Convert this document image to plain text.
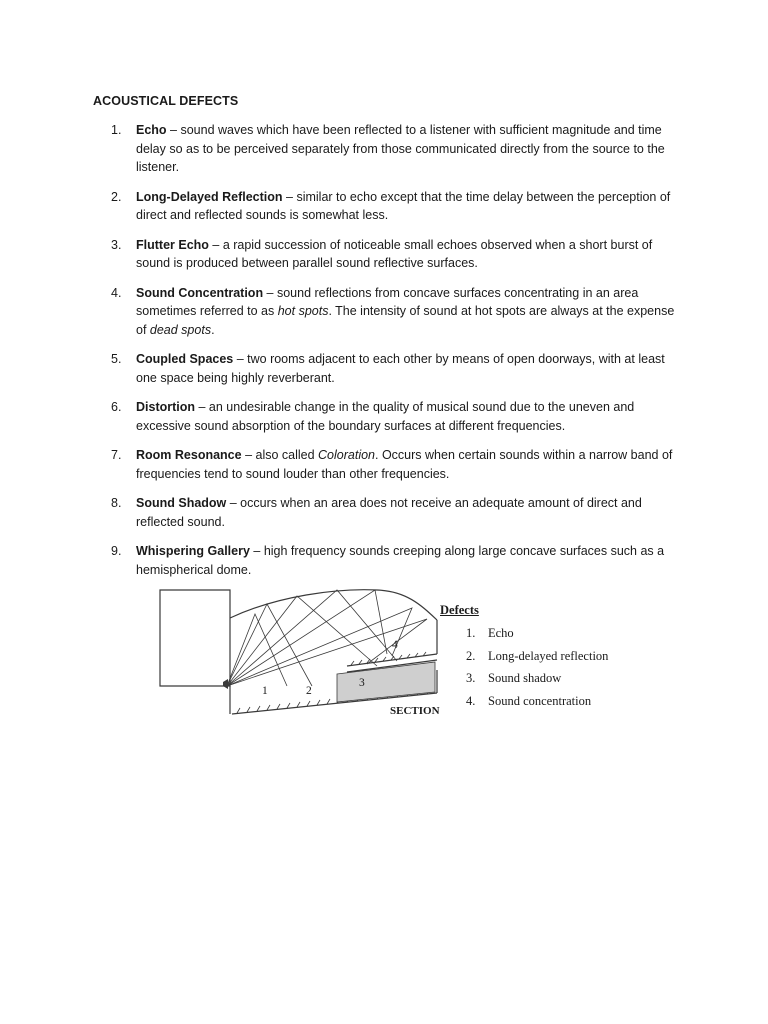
ACOUSTICAL DEFECTS
1.	Echo – sound waves which have been reflected to a listener with sufficient magnitude and time delay so as to be perceived separately from those communicated directly from the source to the listener.
2.	Long-Delayed Reflection – similar to echo except that the time delay between the perception of direct and reflected sounds is somewhat less.
3.	Flutter Echo – a rapid succession of noticeable small echoes observed when a short burst of sound is produced between parallel sound reflective surfaces.
4.	Sound Concentration – sound reflections from concave surfaces concentrating in an area sometimes referred to as hot spots. The intensity of sound at hot spots are always at the expense of dead spots.
5.	Coupled Spaces – two rooms adjacent to each other by means of open doorways, with at least one space being highly reverberant.
6.	Distortion – an undesirable change in the quality of musical sound due to the uneven and excessive sound absorption of the boundary surfaces at different frequencies.
7.	Room Resonance – also called Coloration. Occurs when certain sounds within a narrow band of frequencies tend to sound louder than other frequencies.
8.	Sound Shadow – occurs when an area does not receive an adequate amount of direct and reflected sound.
9.	Whispering Gallery – high frequency sounds creeping along large concave surfaces such as a hemispherical dome.
1	2
3
4
SECTION
Defects
1.	Echo
2.	Long-delayed reflection
3.	Sound shadow
4.	Sound concentration
